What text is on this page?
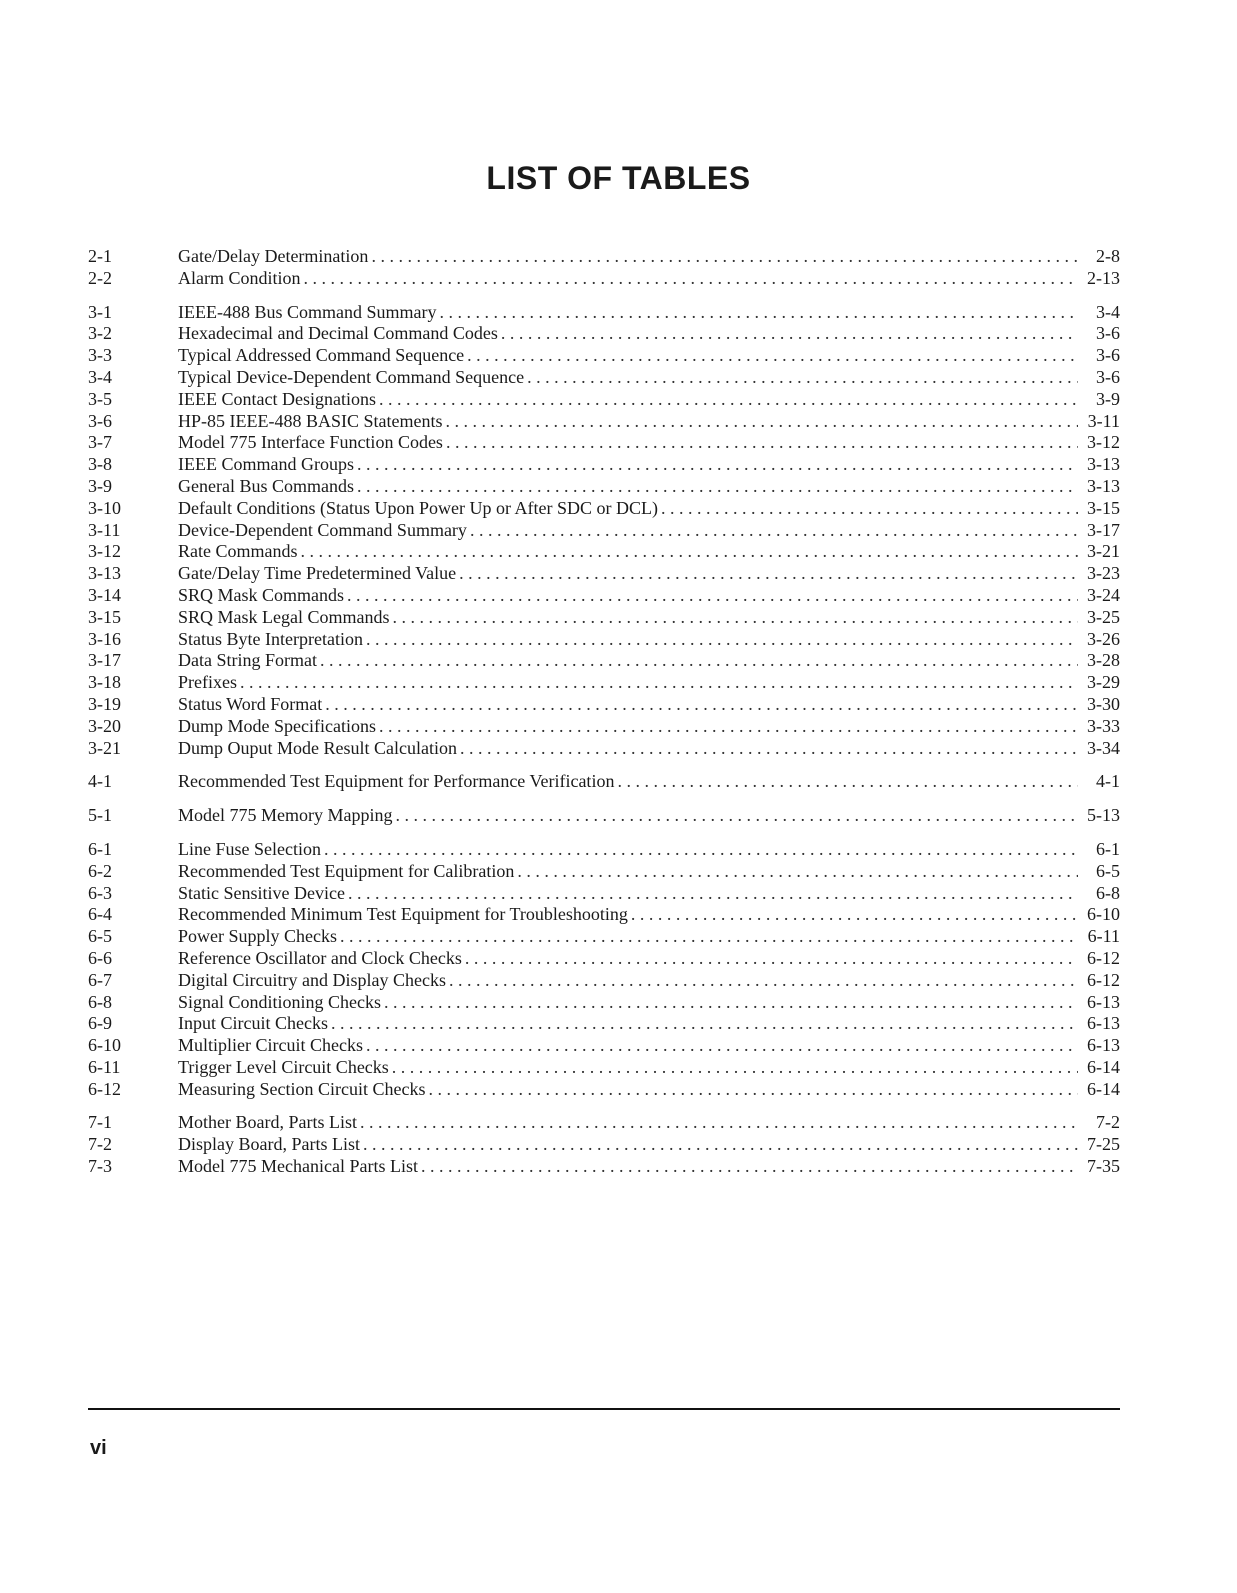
LIST OF TABLES
2-1	Gate/Delay Determination . . .	2-8
2-2	Alarm Condition . . .	2-13
3-1	IEEE-488 Bus Command Summary . . .	3-4
3-2	Hexadecimal and Decimal Command Codes . . .	3-6
3-3	Typical Addressed Command Sequence . . .	3-6
3-4	Typical Device-Dependent Command Sequence . . .	3-6
3-5	IEEE Contact Designations . . .	3-9
3-6	HP-85 IEEE-488 BASIC Statements . . .	3-11
3-7	Model 775 Interface Function Codes . . .	3-12
3-8	IEEE Command Groups . . .	3-13
3-9	General Bus Commands . . .	3-13
3-10	Default Conditions (Status Upon Power Up or After SDC or DCL) . . .	3-15
3-11	Device-Dependent Command Summary . . .	3-17
3-12	Rate Commands . . .	3-21
3-13	Gate/Delay Time Predetermined Value . . .	3-23
3-14	SRQ Mask Commands . . .	3-24
3-15	SRQ Mask Legal Commands . . .	3-25
3-16	Status Byte Interpretation . . .	3-26
3-17	Data String Format . . .	3-28
3-18	Prefixes . . .	3-29
3-19	Status Word Format . . .	3-30
3-20	Dump Mode Specifications . . .	3-33
3-21	Dump Ouput Mode Result Calculation . . .	3-34
4-1	Recommended Test Equipment for Performance Verification . . .	4-1
5-1	Model 775 Memory Mapping . . .	5-13
6-1	Line Fuse Selection . . .	6-1
6-2	Recommended Test Equipment for Calibration . . .	6-5
6-3	Static Sensitive Device . . .	6-8
6-4	Recommended Minimum Test Equipment for Troubleshooting . . .	6-10
6-5	Power Supply Checks . . .	6-11
6-6	Reference Oscillator and Clock Checks . . .	6-12
6-7	Digital Circuitry and Display Checks . . .	6-12
6-8	Signal Conditioning Checks . . .	6-13
6-9	Input Circuit Checks . . .	6-13
6-10	Multiplier Circuit Checks . . .	6-13
6-11	Trigger Level Circuit Checks . . .	6-14
6-12	Measuring Section Circuit Checks . . .	6-14
7-1	Mother Board, Parts List . . .	7-2
7-2	Display Board, Parts List . . .	7-25
7-3	Model 775 Mechanical Parts List . . .	7-35
vi
